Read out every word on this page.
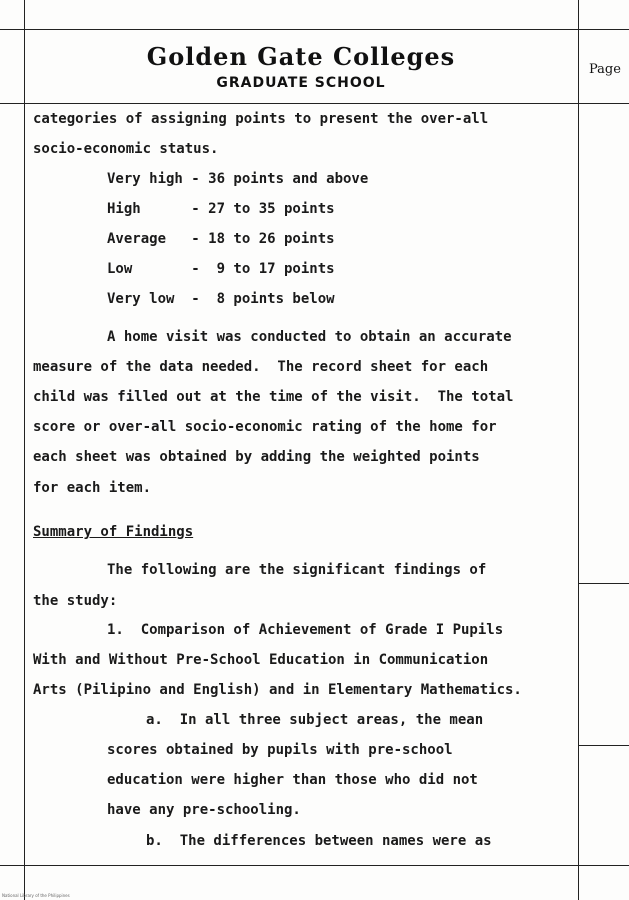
Golden Gate Colleges
GRADUATE SCHOOL
Page
categories of assigning points to present the over-all
socio-economic status.
Very high - 36 points and above
High      - 27 to 35 points
Average   - 18 to 26 points
Low       -  9 to 17 points
Very low  -  8 points below
A home visit was conducted to obtain an accurate
measure of the data needed.  The record sheet for each
child was filled out at the time of the visit.  The total
score or over-all socio-economic rating of the home for
each sheet was obtained by adding the weighted points
for each item.
Summary of Findings
The following are the significant findings of
the study:
1.  Comparison of Achievement of Grade I Pupils
With and Without Pre-School Education in Communication
Arts (Pilipino and English) and in Elementary Mathematics.
a.  In all three subject areas, the mean
scores obtained by pupils with pre-school
education were higher than those who did not
have any pre-schooling.
b.  The differences between names were as
National Library of the Philippines
